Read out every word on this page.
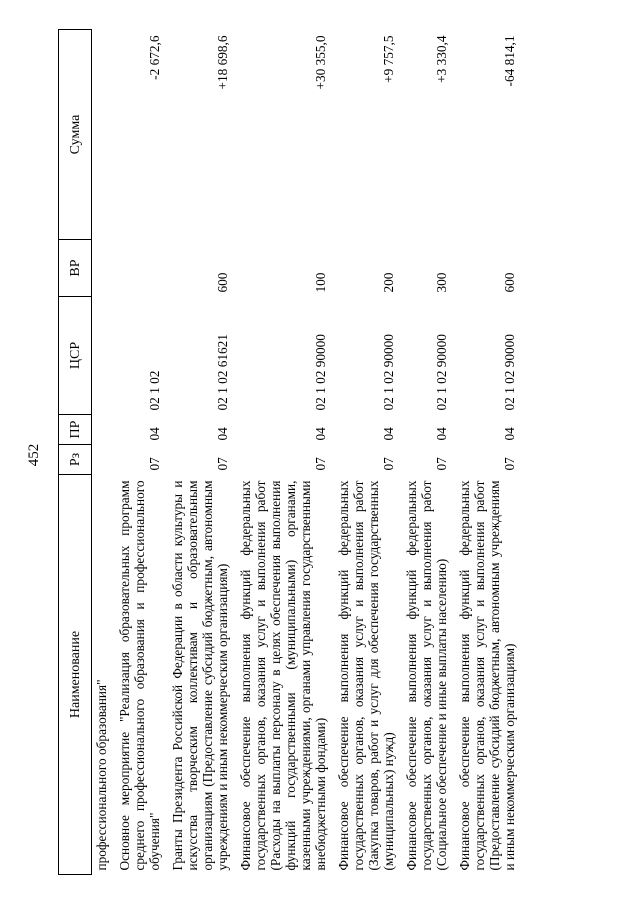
452
Наименование	Рз	ПР	ЦСР	ВР	Сумма
профессионального образования"					
Основное мероприятие "Реализация образовательных программ среднего профессионального образования и профессионального обучения"	07	04	02 1 02		-2 672,6
Гранты Президента Российской Федерации в области культуры и искусства творческим коллективам и образовательным организациям (Предоставление субсидий бюджетным, автономным учреждениям и иным некоммерческим организациям)	07	04	02 1 02 61621	600	+18 698,6
Финансовое обеспечение выполнения функций федеральных государственных органов, оказания услуг и выполнения работ (Расходы на выплаты персоналу в целях обеспечения выполнения функций государственными (муниципальными) органами, казенными учреждениями, органами управления государственными внебюджетными фондами)	07	04	02 1 02 90000	100	+30 355,0
Финансовое обеспечение выполнения функций федеральных государственных органов, оказания услуг и выполнения работ (Закупка товаров, работ и услуг для обеспечения государственных (муниципальных) нужд)	07	04	02 1 02 90000	200	+9 757,5
Финансовое обеспечение выполнения функций федеральных государственных органов, оказания услуг и выполнения работ (Социальное обеспечение и иные выплаты населению)	07	04	02 1 02 90000	300	+3 330,4
Финансовое обеспечение выполнения функций федеральных государственных органов, оказания услуг и выполнения работ (Предоставление субсидий бюджетным, автономным учреждениям и иным некоммерческим организациям)	07	04	02 1 02 90000	600	-64 814,1
